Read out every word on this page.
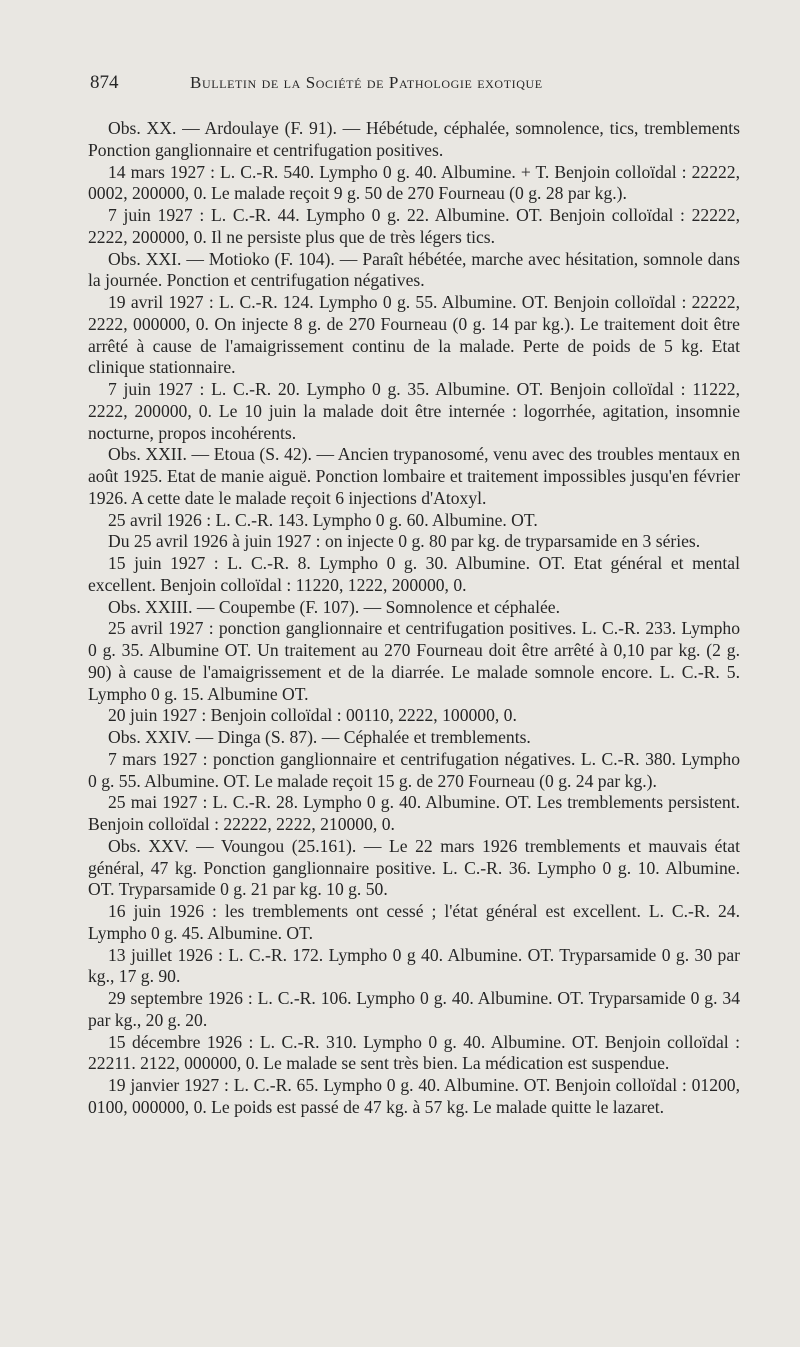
874	Bulletin de la Société de Pathologie exotique

Obs. XX. — Ardoulaye (F. 91). — Hébétude, céphalée, somnolence, tics, tremblements Ponction ganglionnaire et centrifugation positives.

14 mars 1927 : L. C.-R. 540. Lympho 0 g. 40. Albumine. + T. Benjoin colloïdal : 22222, 0002, 200000, 0. Le malade reçoit 9 g. 50 de 270 Fourneau (0 g. 28 par kg.).

7 juin 1927 : L. C.-R. 44. Lympho 0 g. 22. Albumine. OT. Benjoin colloïdal : 22222, 2222, 200000, 0. Il ne persiste plus que de très légers tics.

Obs. XXI. — Motioko (F. 104). — Paraît hébétée, marche avec hésitation, somnole dans la journée. Ponction et centrifugation négatives.

19 avril 1927 : L. C.-R. 124. Lympho 0 g. 55. Albumine. OT. Benjoin colloïdal : 22222, 2222, 000000, 0. On injecte 8 g. de 270 Fourneau (0 g. 14 par kg.). Le traitement doit être arrêté à cause de l'amaigrissement continu de la malade. Perte de poids de 5 kg. Etat clinique stationnaire.

7 juin 1927 : L. C.-R. 20. Lympho 0 g. 35. Albumine. OT. Benjoin colloïdal : 11222, 2222, 200000, 0. Le 10 juin la malade doit être internée : logorrhée, agitation, insomnie nocturne, propos incohérents.

Obs. XXII. — Etoua (S. 42). — Ancien trypanosomé, venu avec des troubles mentaux en août 1925. Etat de manie aiguë. Ponction lombaire et traitement impossibles jusqu'en février 1926. A cette date le malade reçoit 6 injections d'Atoxyl.

25 avril 1926 : L. C.-R. 143. Lympho 0 g. 60. Albumine. OT.

Du 25 avril 1926 à juin 1927 : on injecte 0 g. 80 par kg. de tryparsamide en 3 séries.

15 juin 1927 : L. C.-R. 8. Lympho 0 g. 30. Albumine. OT. Etat général et mental excellent. Benjoin colloïdal : 11220, 1222, 200000, 0.

Obs. XXIII. — Coupembe (F. 107). — Somnolence et céphalée.

25 avril 1927 : ponction ganglionnaire et centrifugation positives. L. C.-R. 233. Lympho 0 g. 35. Albumine OT. Un traitement au 270 Fourneau doit être arrêté à 0,10 par kg. (2 g. 90) à cause de l'amaigrissement et de la diarrée. Le malade somnole encore. L. C.-R. 5. Lympho 0 g. 15. Albumine OT.

20 juin 1927 : Benjoin colloïdal : 00110, 2222, 100000, 0.

Obs. XXIV. — Dinga (S. 87). — Céphalée et tremblements.

7 mars 1927 : ponction ganglionnaire et centrifugation négatives. L. C.-R. 380. Lympho 0 g. 55. Albumine. OT. Le malade reçoit 15 g. de 270 Fourneau (0 g. 24 par kg.).

25 mai 1927 : L. C.-R. 28. Lympho 0 g. 40. Albumine. OT. Les tremblements persistent. Benjoin colloïdal : 22222, 2222, 210000, 0.

Obs. XXV. — Voungou (25.161). — Le 22 mars 1926 tremblements et mauvais état général, 47 kg. Ponction ganglionnaire positive. L. C.-R. 36. Lympho 0 g. 10. Albumine. OT. Tryparsamide 0 g. 21 par kg. 10 g. 50.

16 juin 1926 : les tremblements ont cessé ; l'état général est excellent. L. C.-R. 24. Lympho 0 g. 45. Albumine. OT.

13 juillet 1926 : L. C.-R. 172. Lympho 0 g 40. Albumine. OT. Tryparsamide 0 g. 30 par kg., 17 g. 90.

29 septembre 1926 : L. C.-R. 106. Lympho 0 g. 40. Albumine. OT. Tryparsamide 0 g. 34 par kg., 20 g. 20.

15 décembre 1926 : L. C.-R. 310. Lympho 0 g. 40. Albumine. OT. Benjoin colloïdal : 22211. 2122, 000000, 0. Le malade se sent très bien. La médication est suspendue.

19 janvier 1927 : L. C.-R. 65. Lympho 0 g. 40. Albumine. OT. Benjoin colloïdal : 01200, 0100, 000000, 0. Le poids est passé de 47 kg. à 57 kg. Le malade quitte le lazaret.
